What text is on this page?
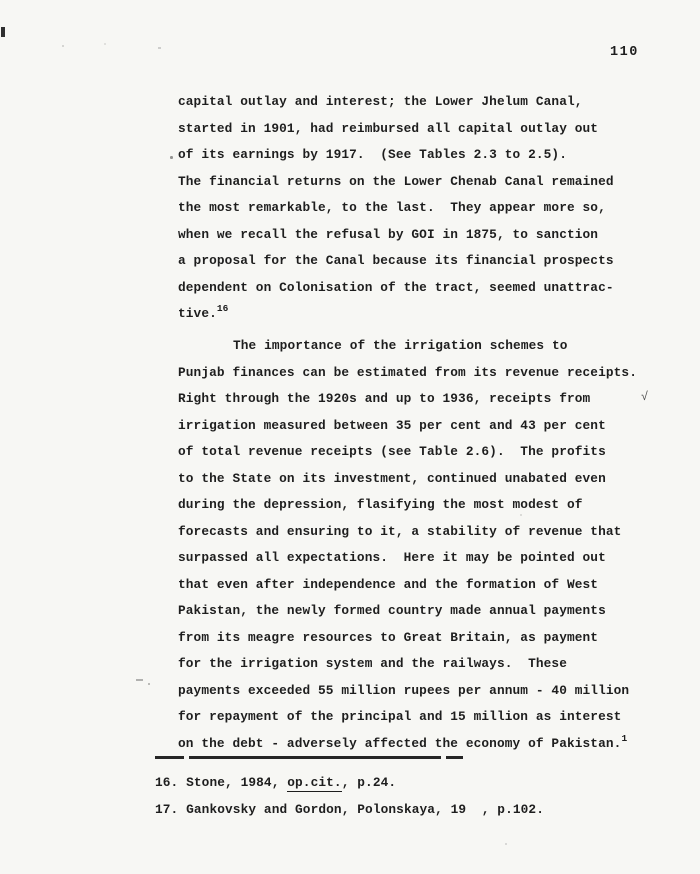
110
√
capital outlay and interest; the Lower Jhelum Canal,
started in 1901, had reimbursed all capital outlay out
of its earnings by 1917.  (See Tables 2.3 to 2.5).
The financial returns on the Lower Chenab Canal remained
the most remarkable, to the last.  They appear more so,
when we recall the refusal by GOI in 1875, to sanction
a proposal for the Canal because its financial prospects
dependent on Colonisation of the tract, seemed unattrac-
tive.$^{16}$
The importance of the irrigation schemes to
Punjab finances can be estimated from its revenue receipts.
Right through the 1920s and up to 1936, receipts from
irrigation measured between 35 per cent and 43 per cent
of total revenue receipts (see Table 2.6).  The profits
to the State on its investment, continued unabated even
during the depression, flasifying the most modest of
forecasts and ensuring to it, a stability of revenue that
surpassed all expectations.  Here it may be pointed out
that even after independence and the formation of West
Pakistan, the newly formed country made annual payments
from its meagre resources to Great Britain, as payment
for the irrigation system and the railways.  These
payments exceeded 55 million rupees per annum - 40 million
for repayment of the principal and 15 million as interest
on the debt - adversely affected the economy of Pakistan.$^1$
16. Stone, 1984, op.cit., p.24.
17. Gankovsky and Gordon, Polonskaya, 19  , p.102.
